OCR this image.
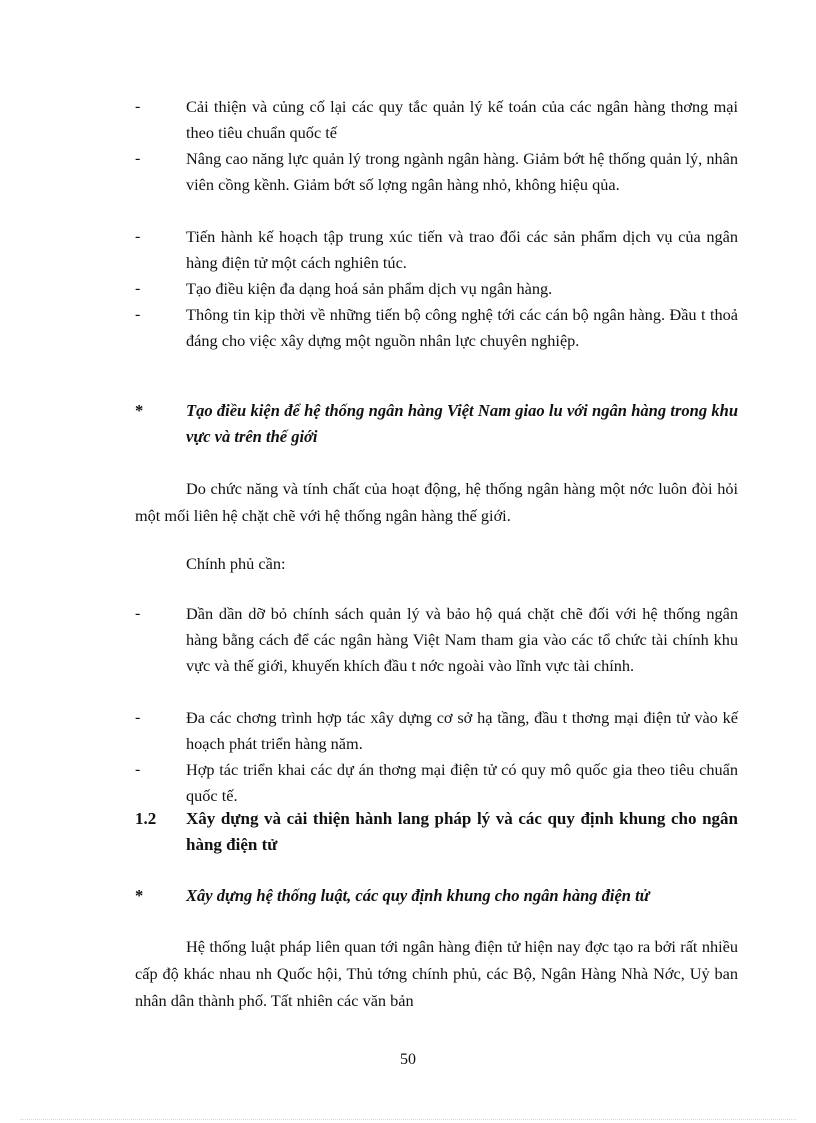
-	Cải thiện và củng cố lại các quy tắc quản lý kế toán của các ngân hàng thơng mại theo tiêu chuẩn quốc tế
-	Nâng cao năng lực quản lý trong ngành ngân hàng. Giảm bớt hệ thống quản lý, nhân viên cồng kềnh. Giảm bớt số lợng ngân hàng nhỏ, không hiệu qủa.
-	Tiến hành kế hoạch tập trung xúc tiến và trao đổi các sản phẩm dịch vụ của ngân hàng điện tử một cách nghiên túc.
-	Tạo điều kiện đa dạng hoá sản phẩm dịch vụ ngân hàng.
-	Thông tin kịp thời về những tiến bộ công nghệ tới các cán bộ ngân hàng. Đầu t thoả đáng cho việc xây dựng một nguồn nhân lực chuyên nghiệp.
*	Tạo điều kiện để hệ thống ngân hàng Việt Nam giao lu với ngân hàng trong khu vực và trên thế giới
Do chức năng và tính chất của hoạt động, hệ thống ngân hàng một nớc luôn đòi hỏi một mối liên hệ chặt chẽ với hệ thống ngân hàng thế giới.
Chính phủ cần:
-	Dần dần dỡ bỏ chính sách quản lý và bảo hộ quá chặt chẽ đối với hệ thống ngân hàng bằng cách để các ngân hàng Việt Nam tham gia vào các tổ chức tài chính khu vực và thế giới, khuyến khích đầu t nớc ngoài vào lĩnh vực tài chính.
-	Đa các chơng trình hợp tác xây dựng cơ sở hạ tầng, đầu t thơng mại điện tử vào kế hoạch phát triển hàng năm.
-	Hợp tác triển khai các dự án thơng mại điện tử có quy mô quốc gia theo tiêu chuẩn quốc tế.
1.2 Xây dựng và cải thiện hành lang pháp lý và các quy định khung cho ngân hàng điện tử
*	Xây dựng hệ thống luật, các quy định khung cho ngân hàng điện tử
Hệ thống luật pháp liên quan tới ngân hàng điện tử hiện nay đợc tạo ra bởi rất nhiều cấp độ khác nhau nh Quốc hội, Thủ tớng chính phủ, các Bộ, Ngân Hàng Nhà Nớc, Uỷ ban nhân dân thành phố. Tất nhiên các văn bản
50
